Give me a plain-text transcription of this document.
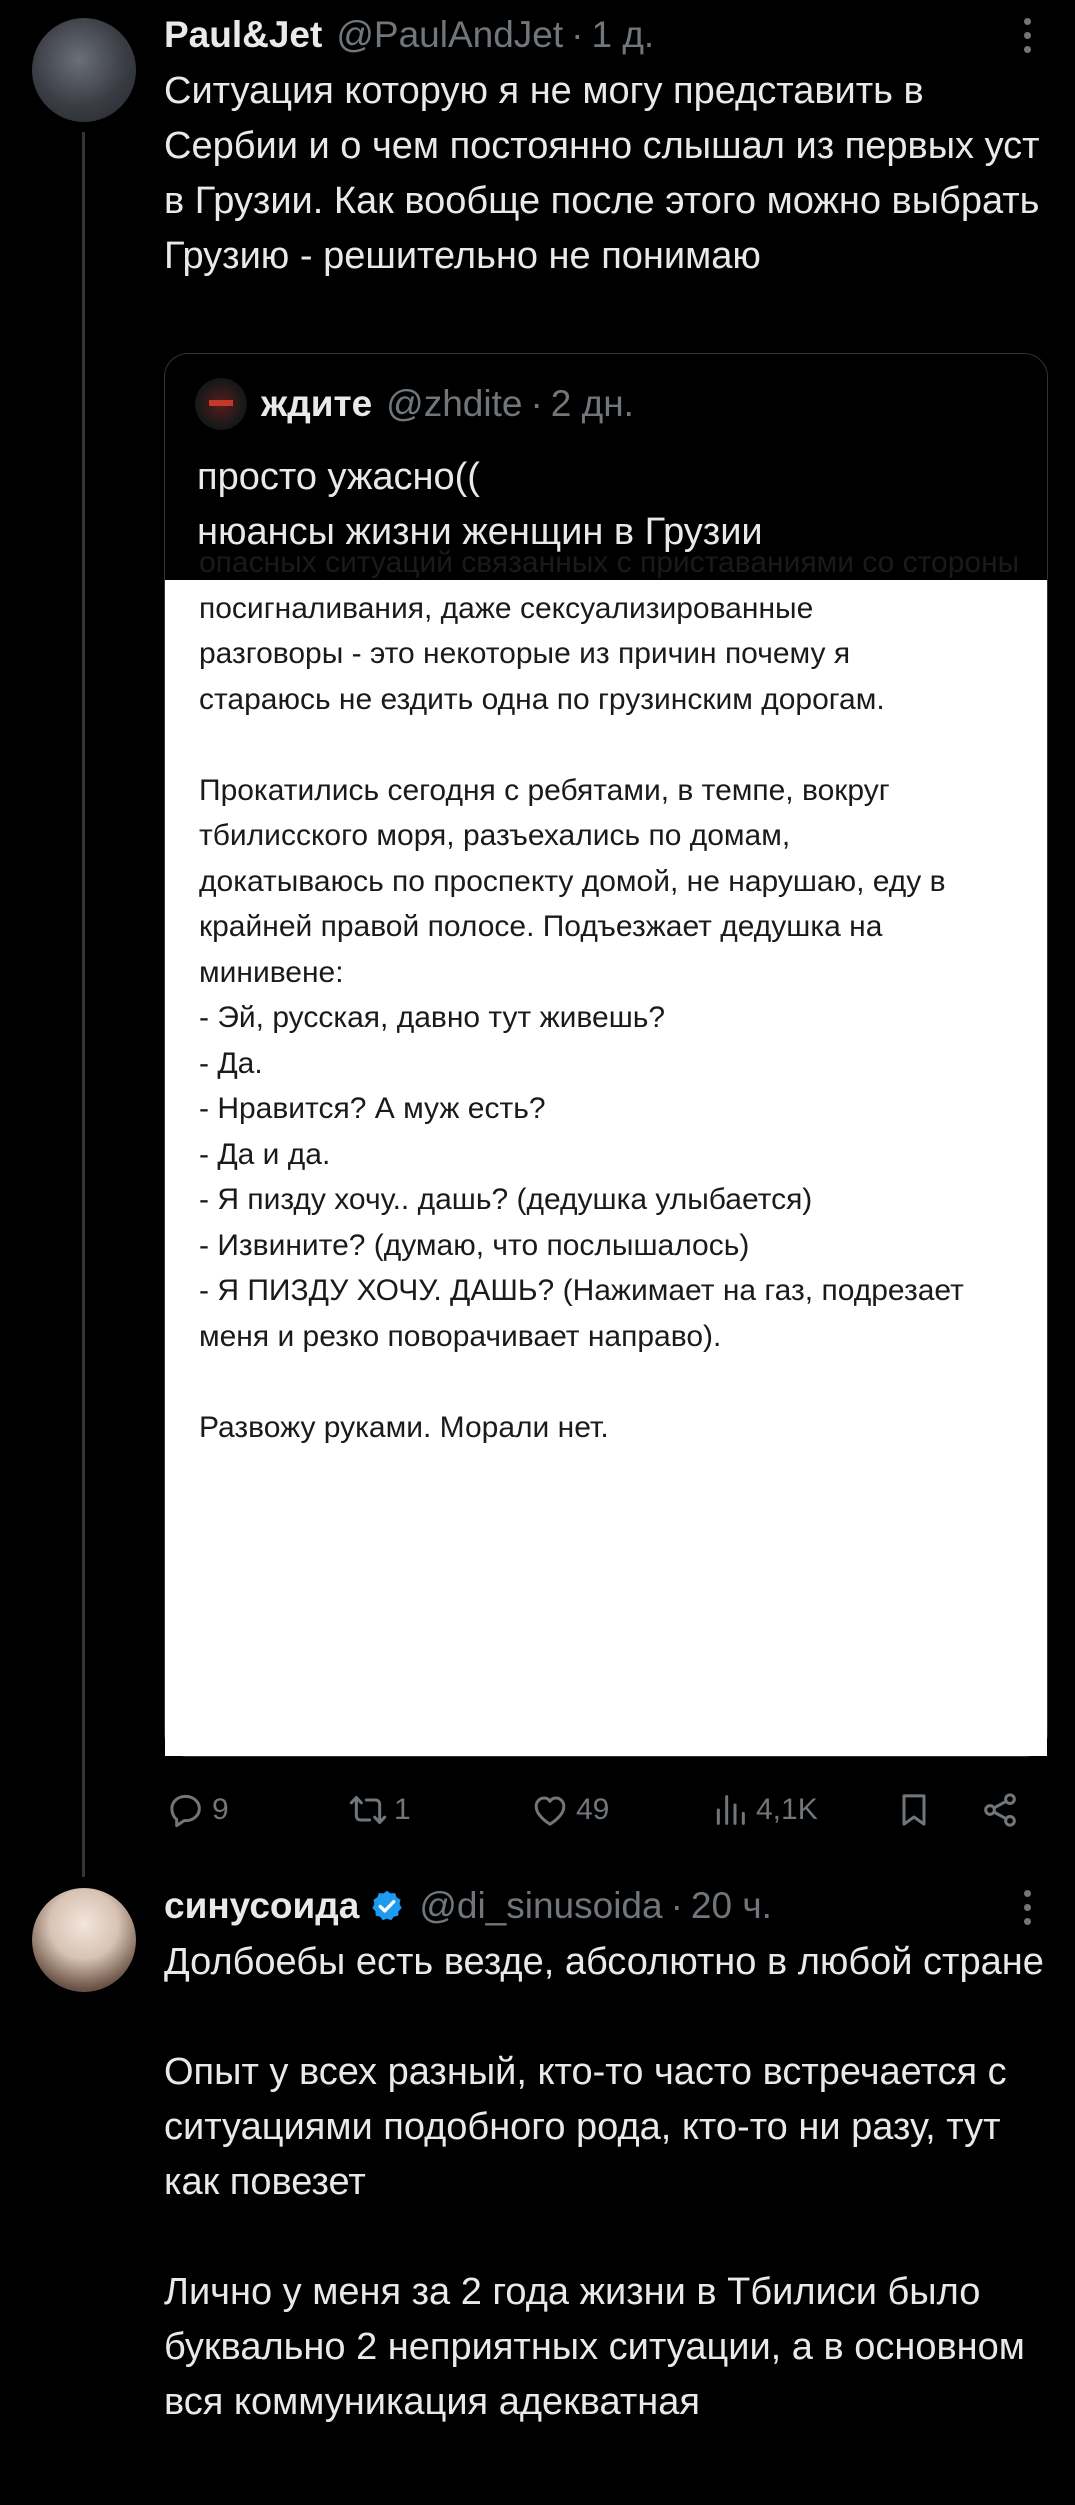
Paul&Jet @PaulAndJet · 1 д.
Ситуация которую я не могу представить в Сербии и о чем постоянно слышал из первых уст в Грузии. Как вообще после этого можно выбрать Грузию - решительно не понимаю
ждите @zhdite · 2 дн.
просто ужасно((
нюансы жизни женщин в Грузии
опасных ситуаций связанных с приставаниями со стороны
посигналивания, даже сексуализированные
разговоры - это некоторые из причин почему я
стараюсь не ездить одна по грузинским дорогам.

Прокатились сегодня с ребятами, в темпе, вокруг
тбилисского моря, разъехались по домам,
докатываюсь по проспекту домой, не нарушаю, еду в
крайней правой полосе. Подъезжает дедушка на
минивене:
- Эй, русская, давно тут живешь?
- Да.
- Нравится? А муж есть?
- Да и да.
- Я пизду хочу.. дашь? (дедушка улыбается)
- Извините? (думаю, что послышалось)
- Я ПИЗДУ ХОЧУ. ДАШЬ? (Нажимает на газ, подрезает
меня и резко поворачивает направо).

Развожу руками. Морали нет.
9	1	49	4,1K
синусоида @di_sinusoida · 20 ч.
Долбоебы есть везде, абсолютно в любой стране

Опыт у всех разный, кто-то часто встречается с ситуациями подобного рода, кто-то ни разу, тут как повезет

Лично у меня за 2 года жизни в Тбилиси было буквально 2 неприятных ситуации, а в основном вся коммуникация адекватная
